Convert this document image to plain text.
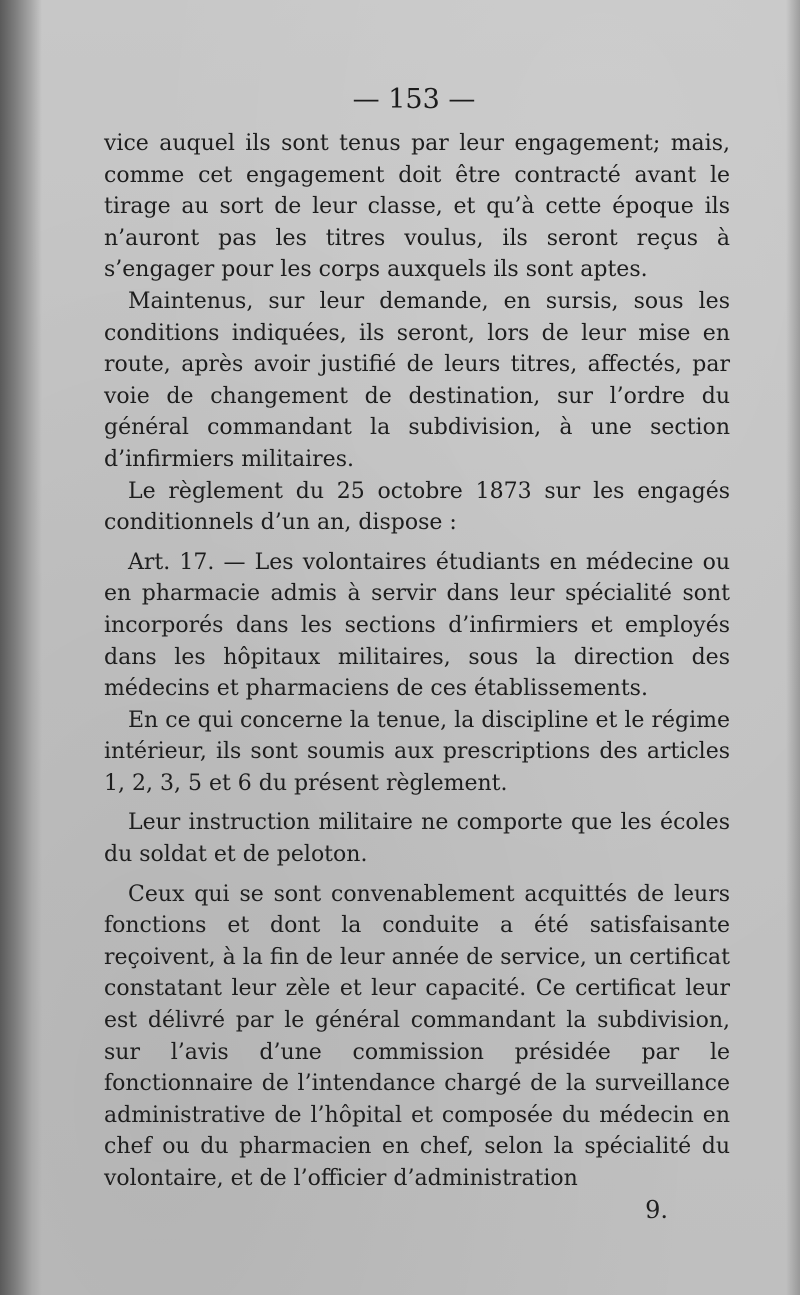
— 153 —

vice auquel ils sont tenus par leur engagement; mais, comme cet engagement doit être contracté avant le tirage au sort de leur classe, et qu’à cette époque ils n’auront pas les titres voulus, ils seront reçus à s’engager pour les corps auxquels ils sont aptes.

Maintenus, sur leur demande, en sursis, sous les conditions indiquées, ils seront, lors de leur mise en route, après avoir justifié de leurs titres, affectés, par voie de changement de destination, sur l’ordre du général commandant la subdivision, à une section d’infirmiers militaires.

Le règlement du 25 octobre 1873 sur les engagés conditionnels d’un an, dispose :

Art. 17. — Les volontaires étudiants en médecine ou en pharmacie admis à servir dans leur spécialité sont incorporés dans les sections d’infirmiers et employés dans les hôpitaux militaires, sous la direction des médecins et pharmaciens de ces établissements.

En ce qui concerne la tenue, la discipline et le régime intérieur, ils sont soumis aux prescriptions des articles 1, 2, 3, 5 et 6 du présent règlement.

Leur instruction militaire ne comporte que les écoles du soldat et de peloton.

Ceux qui se sont convenablement acquittés de leurs fonctions et dont la conduite a été satisfaisante reçoivent, à la fin de leur année de service, un certificat constatant leur zèle et leur capacité. Ce certificat leur est délivré par le général commandant la subdivision, sur l’avis d’une commission présidée par le fonctionnaire de l’intendance chargé de la surveillance administrative de l’hôpital et composée du médecin en chef ou du pharmacien en chef, selon la spécialité du volontaire, et de l’officier d’administration

9.
